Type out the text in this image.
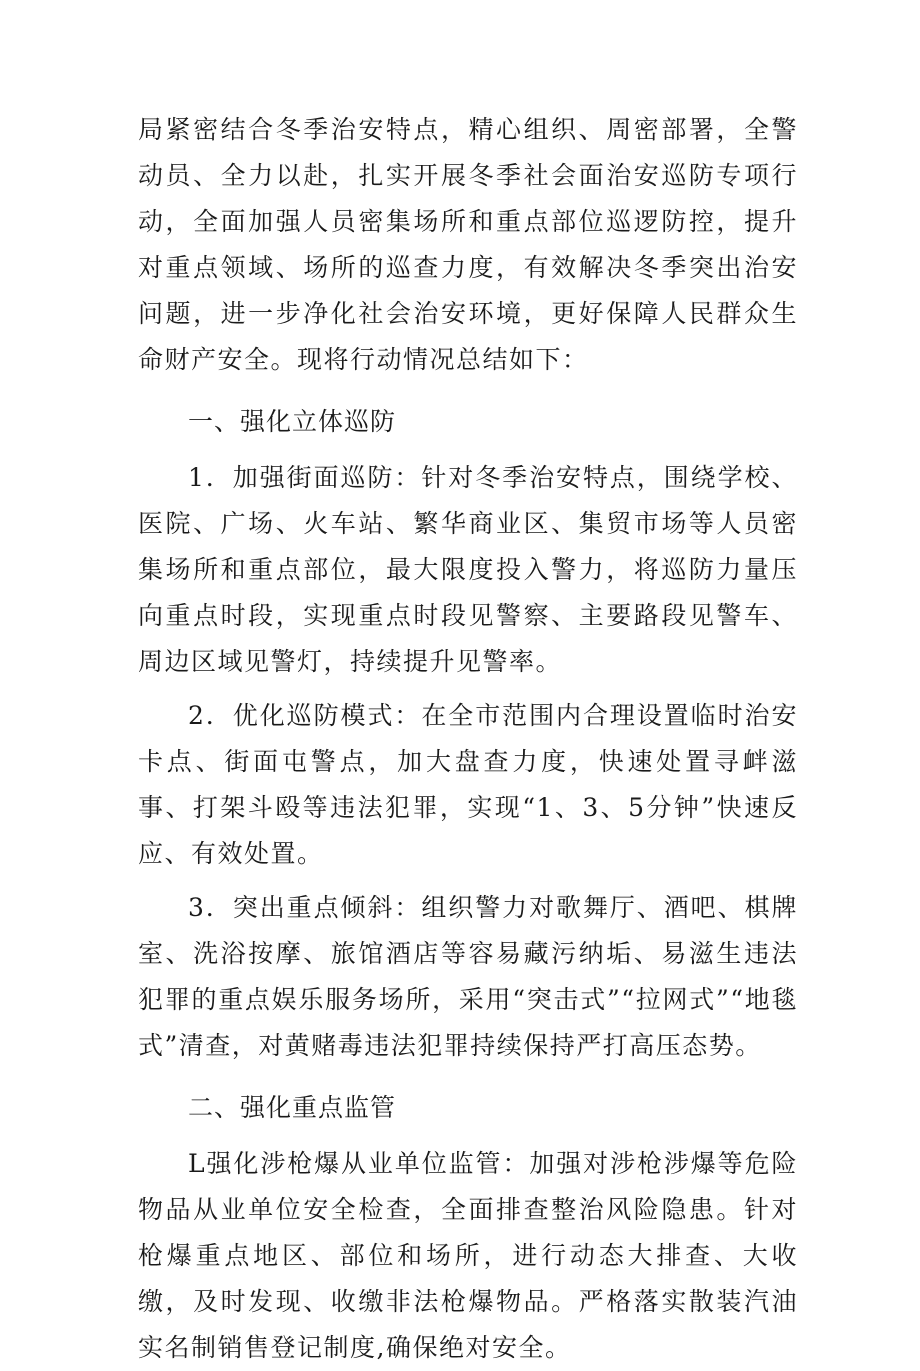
局紧密结合冬季治安特点，精心组织、周密部署，全警动员、全力以赴，扎实开展冬季社会面治安巡防专项行动，全面加强人员密集场所和重点部位巡逻防控，提升对重点领域、场所的巡查力度，有效解决冬季突出治安问题，进一步净化社会治安环境，更好保障人民群众生命财产安全。现将行动情况总结如下：

一、强化立体巡防

1．加强街面巡防：针对冬季治安特点，围绕学校、医院、广场、火车站、繁华商业区、集贸市场等人员密集场所和重点部位，最大限度投入警力，将巡防力量压向重点时段，实现重点时段见警察、主要路段见警车、周边区域见警灯，持续提升见警率。

2．优化巡防模式：在全市范围内合理设置临时治安卡点、街面屯警点，加大盘查力度，快速处置寻衅滋事、打架斗殴等违法犯罪，实现“1、3、5分钟”快速反应、有效处置。

3．突出重点倾斜：组织警力对歌舞厅、酒吧、棋牌室、洗浴按摩、旅馆酒店等容易藏污纳垢、易滋生违法犯罪的重点娱乐服务场所，采用“突击式”“拉网式”“地毯式”清查，对黄赌毒违法犯罪持续保持严打高压态势。

二、强化重点监管

L强化涉枪爆从业单位监管：加强对涉枪涉爆等危险物品从业单位安全检查，全面排查整治风险隐患。针对枪爆重点地区、部位和场所，进行动态大排查、大收缴，及时发现、收缴非法枪爆物品。严格落实散装汽油实名制销售登记制度,确保绝对安全。
